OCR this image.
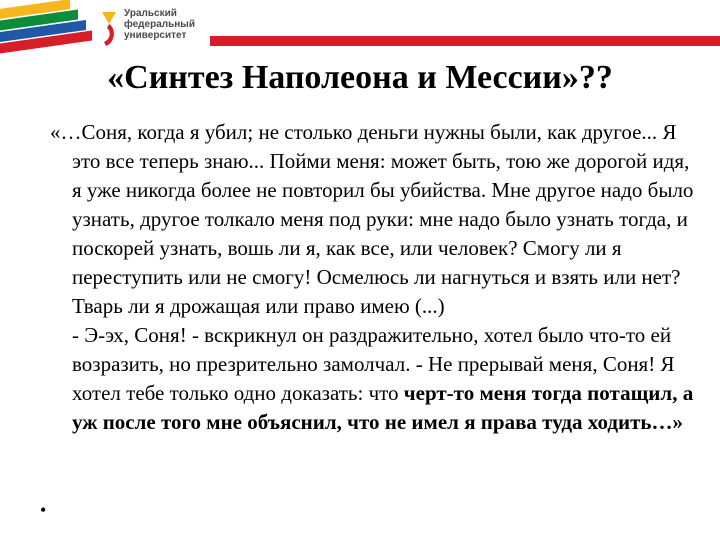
Уральский
федеральный
университет
«Синтез Наполеона и Мессии»??

«…Соня, когда я убил; не столько деньги нужны были, как другое... Я это все теперь знаю... Пойми меня: может быть, тою же дорогой идя, я уже никогда более не повторил бы убийства. Мне другое надо было узнать, другое толкало меня под руки: мне надо было узнать тогда, и поскорей узнать, вошь ли я, как все, или человек? Смогу ли я переступить или не смогу! Осмелюсь ли нагнуться и взять или нет? Тварь ли я дрожащая или право имею (...)

- Э-эх, Соня! - вскрикнул он раздражительно, хотел было что-то ей возразить, но презрительно замолчал. - Не прерывай меня, Соня! Я хотел тебе только одно доказать: что черт-то меня тогда потащил, а уж после того мне объяснил, что не имел я права туда ходить…»

•
